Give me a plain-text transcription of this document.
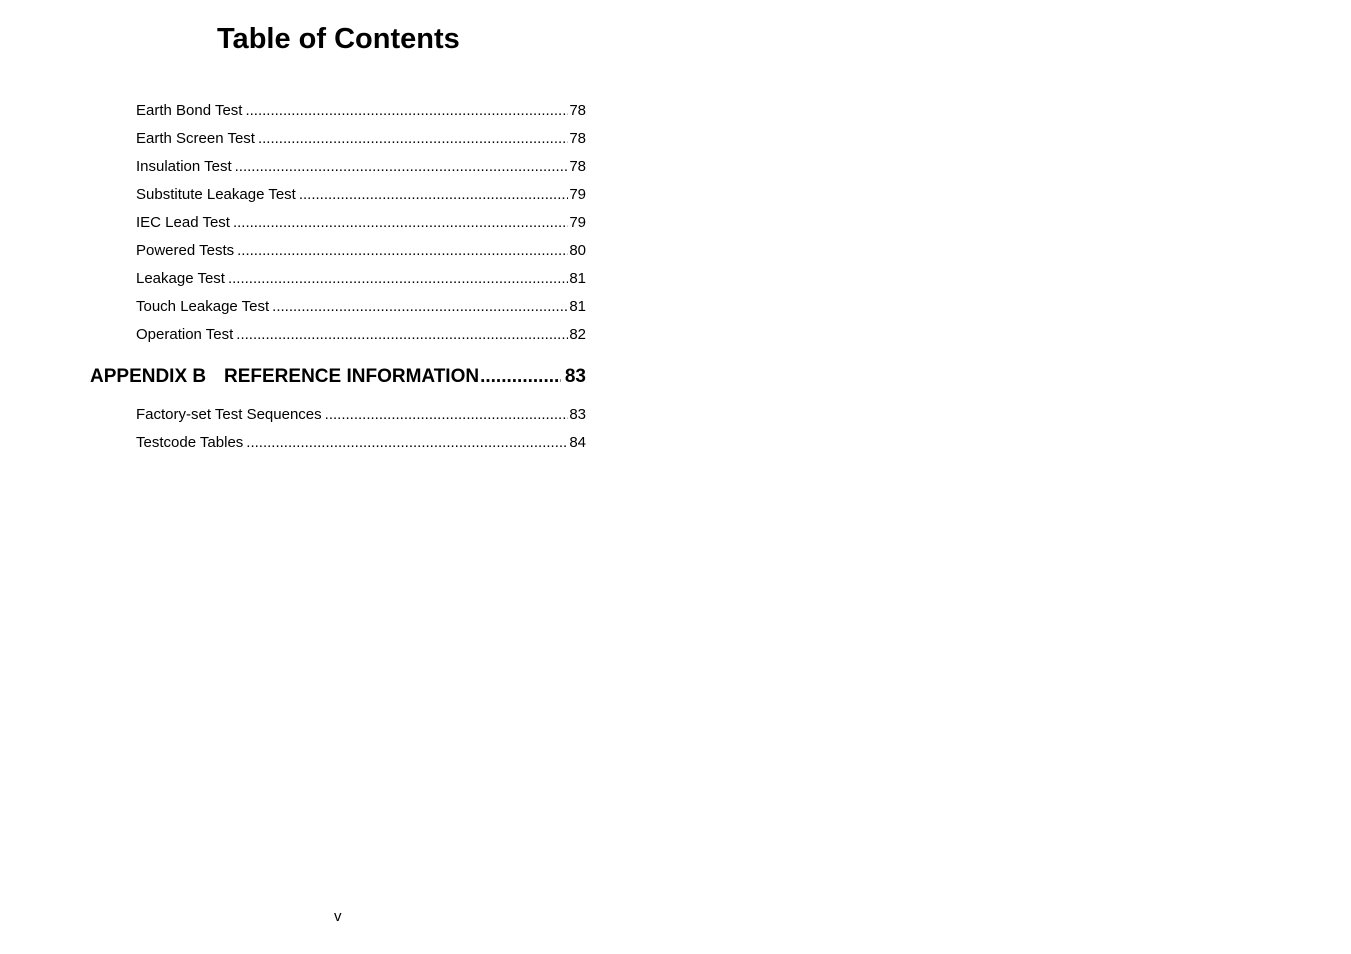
Table of Contents
Earth Bond Test .....	78
Earth Screen Test .....	78
Insulation Test .....	78
Substitute Leakage Test .....	79
IEC Lead Test .....	79
Powered Tests .....	80
Leakage Test .....	81
Touch Leakage Test .....	81
Operation Test .....	82
APPENDIX B REFERENCE INFORMATION .....	83
Factory-set Test Sequences .....	83
Testcode Tables .....	84
v
